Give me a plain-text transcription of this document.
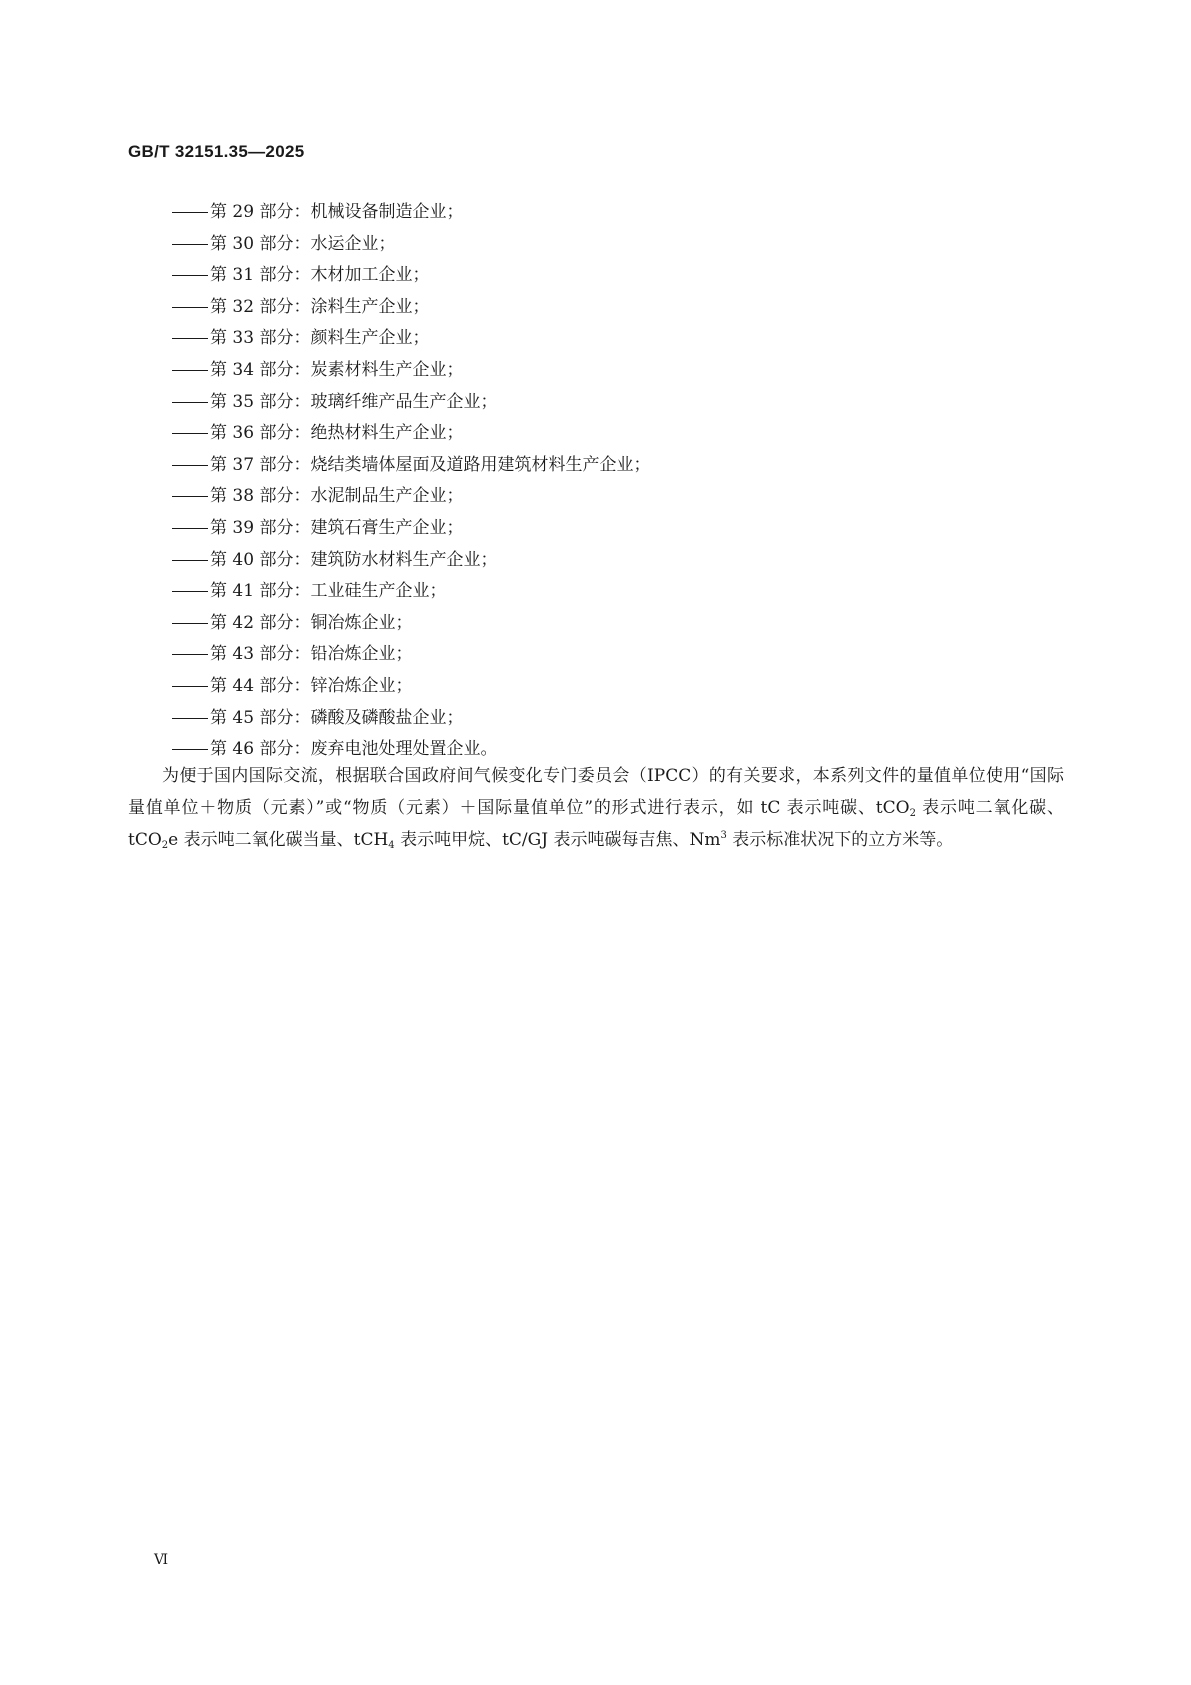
GB/T 32151.35—2025
第 29 部分：机械设备制造企业；
第 30 部分：水运企业；
第 31 部分：木材加工企业；
第 32 部分：涂料生产企业；
第 33 部分：颜料生产企业；
第 34 部分：炭素材料生产企业；
第 35 部分：玻璃纤维产品生产企业；
第 36 部分：绝热材料生产企业；
第 37 部分：烧结类墙体屋面及道路用建筑材料生产企业；
第 38 部分：水泥制品生产企业；
第 39 部分：建筑石膏生产企业；
第 40 部分：建筑防水材料生产企业；
第 41 部分：工业硅生产企业；
第 42 部分：铜冶炼企业；
第 43 部分：铅冶炼企业；
第 44 部分：锌冶炼企业；
第 45 部分：磷酸及磷酸盐企业；
第 46 部分：废弃电池处理处置企业。

为便于国内国际交流，根据联合国政府间气候变化专门委员会（IPCC）的有关要求，本系列文件的量值单位使用“国际量值单位＋物质（元素）”或“物质（元素）＋国际量值单位”的形式进行表示，如 tC 表示吨碳、tCO$_2$ 表示吨二氧化碳、tCO$_2$e 表示吨二氧化碳当量、tCH$_4$ 表示吨甲烷、tC/GJ 表示吨碳每吉焦、Nm$^3$ 表示标准状况下的立方米等。

Ⅵ
